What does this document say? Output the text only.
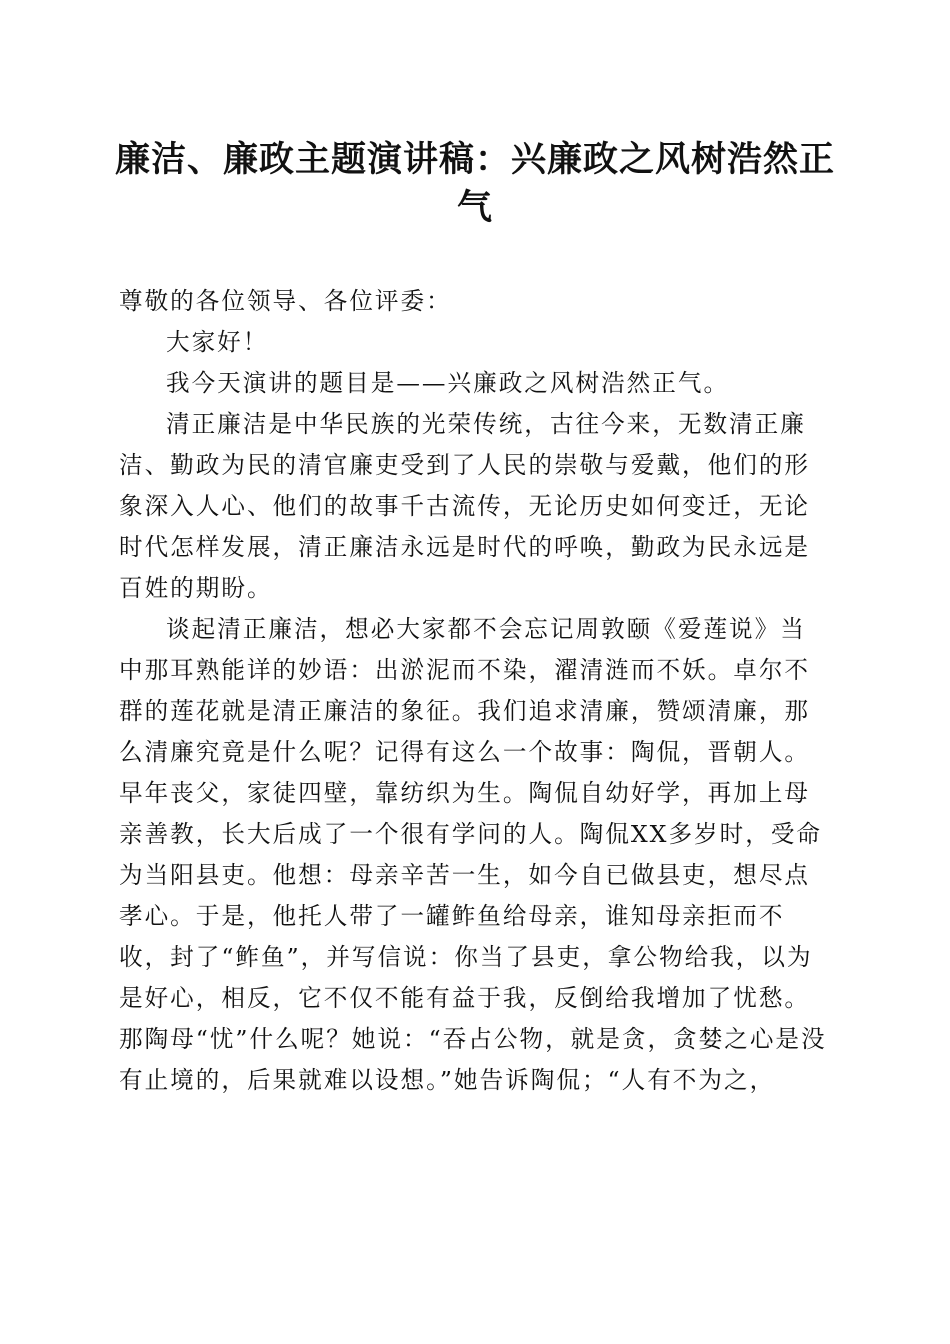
廉洁、廉政主题演讲稿：兴廉政之风树浩然正气

尊敬的各位领导、各位评委：

大家好！

我今天演讲的题目是——兴廉政之风树浩然正气。

清正廉洁是中华民族的光荣传统，古往今来，无数清正廉洁、勤政为民的清官廉吏受到了人民的崇敬与爱戴，他们的形象深入人心、他们的故事千古流传，无论历史如何变迁，无论时代怎样发展，清正廉洁永远是时代的呼唤，勤政为民永远是百姓的期盼。

谈起清正廉洁，想必大家都不会忘记周敦颐《爱莲说》当中那耳熟能详的妙语：出淤泥而不染，濯清涟而不妖。卓尔不群的莲花就是清正廉洁的象征。我们追求清廉，赞颂清廉，那么清廉究竟是什么呢？记得有这么一个故事：陶侃，晋朝人。早年丧父，家徒四壁，靠纺织为生。陶侃自幼好学，再加上母亲善教，长大后成了一个很有学问的人。陶侃XX多岁时，受命为当阳县吏。他想：母亲辛苦一生，如今自已做县吏，想尽点孝心。于是，他托人带了一罐鲊鱼给母亲，谁知母亲拒而不收，封了“鲊鱼”，并写信说：你当了县吏，拿公物给我，以为是好心，相反，它不仅不能有益于我，反倒给我增加了忧愁。那陶母“忧”什么呢？她说：“吞占公物，就是贪，贪婪之心是没有止境的，后果就难以设想。”她告诉陶侃；“人有不为之，
